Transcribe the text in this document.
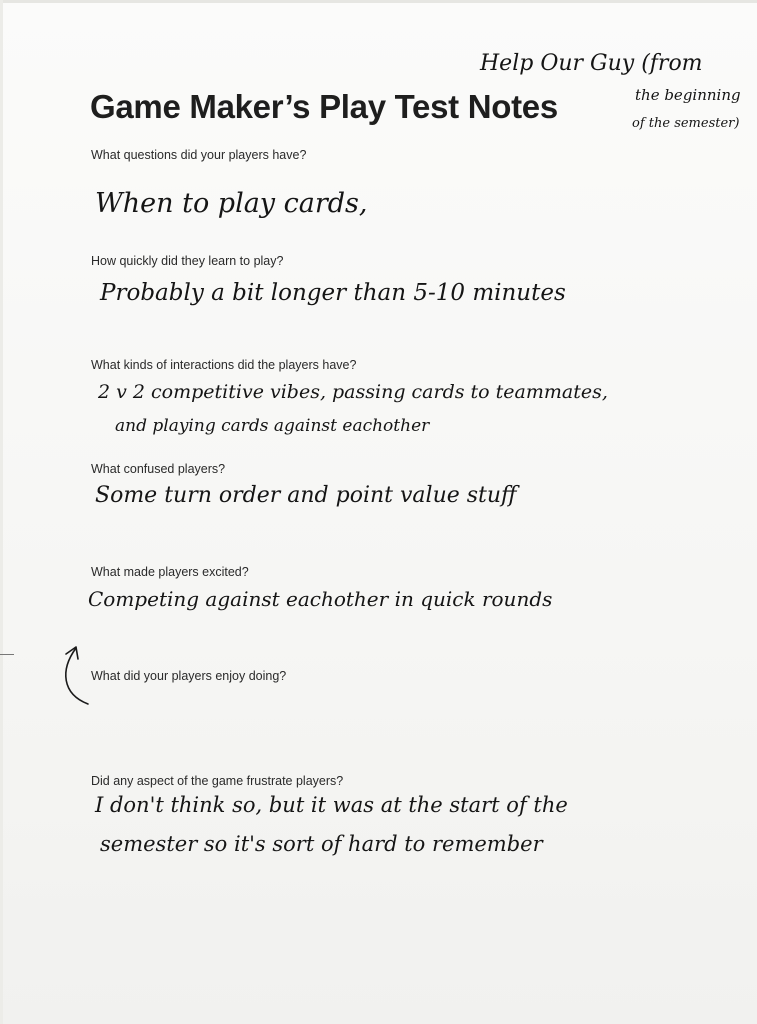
Game Maker’s Play Test Notes

Help Our Guy (from

the beginning

of the semester)

What questions did your players have?

When to play cards,

How quickly did they learn to play?

Probably a bit longer than 5-10 minutes

What kinds of interactions did the players have?

2 v 2 competitive vibes, passing cards to teammates,

and playing cards against eachother

What confused players?

Some turn order and point value stuff

What made players excited?

Competing against eachother in quick rounds

What did your players enjoy doing?

Did any aspect of the game frustrate players?

I don't think so, but it was at the start of the

semester so it's sort of hard to remember
